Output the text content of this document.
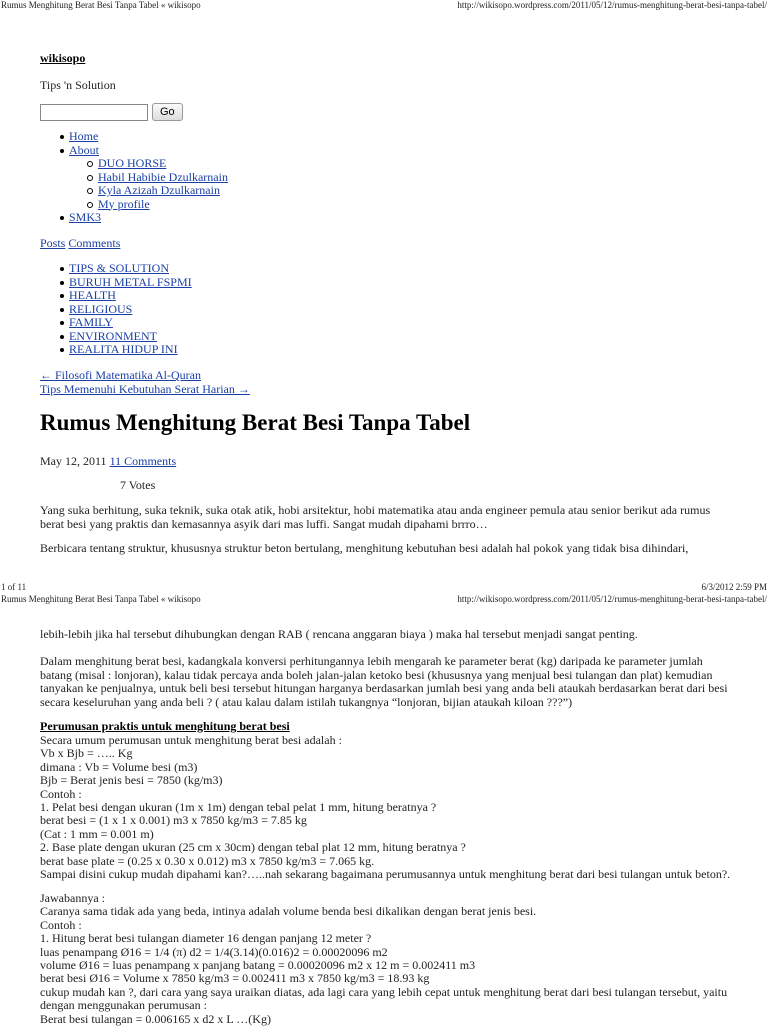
Rumus Menghitung Berat Besi Tanpa Tabel « wikisopo	http://wikisopo.wordpress.com/2011/05/12/rumus-menghitung-berat-besi-tanpa-tabel/
wikisopo
Tips 'n Solution
Go
Home
About
DUO HORSE
Habil Habibie Dzulkarnain
Kyla Azizah Dzulkarnain
My profile
SMK3
Posts Comments
TIPS & SOLUTION
BURUH METAL FSPMI
HEALTH
RELIGIOUS
FAMILY
ENVIRONMENT
REALITA HIDUP INI
← Filosofi Matematika Al-Quran
Tips Memenuhi Kebutuhan Serat Harian →
Rumus Menghitung Berat Besi Tanpa Tabel
May 12, 2011 11 Comments
7 Votes
Yang suka berhitung, suka teknik, suka otak atik, hobi arsitektur, hobi matematika atau anda engineer pemula atau senior berikut ada rumus berat besi yang praktis dan kemasannya asyik dari mas luffi. Sangat mudah dipahami brrro…
Berbicara tentang struktur, khususnya struktur beton bertulang, menghitung kebutuhan besi adalah hal pokok yang tidak bisa dihindari,
1 of 11	6/3/2012 2:59 PM
Rumus Menghitung Berat Besi Tanpa Tabel « wikisopo	http://wikisopo.wordpress.com/2011/05/12/rumus-menghitung-berat-besi-tanpa-tabel/
lebih-lebih jika hal tersebut dihubungkan dengan RAB ( rencana anggaran biaya ) maka hal tersebut menjadi sangat penting.
Dalam menghitung berat besi, kadangkala konversi perhitungannya lebih mengarah ke parameter berat (kg) daripada ke parameter jumlah batang (misal : lonjoran), kalau tidak percaya anda boleh jalan-jalan ketoko besi (khususnya yang menjual besi tulangan dan plat) kemudian tanyakan ke penjualnya, untuk beli besi tersebut hitungan harganya berdasarkan jumlah besi yang anda beli ataukah berdasarkan berat dari besi secara keseluruhan yang anda beli ? ( atau kalau dalam istilah tukangnya “lonjoran, bijian ataukah kiloan ???”)
Perumusan praktis untuk menghitung berat besi
Secara umum perumusan untuk menghitung berat besi adalah :
Vb x Bjb = ….. Kg
dimana : Vb = Volume besi (m3)
Bjb = Berat jenis besi = 7850 (kg/m3)
Contoh :
1. Pelat besi dengan ukuran (1m x 1m) dengan tebal pelat 1 mm, hitung beratnya ?
berat besi = (1 x 1 x 0.001) m3 x 7850 kg/m3 = 7.85 kg
(Cat : 1 mm = 0.001 m)
2. Base plate dengan ukuran (25 cm x 30cm) dengan tebal plat 12 mm, hitung beratnya ?
berat base plate = (0.25 x 0.30 x 0.012) m3 x 7850 kg/m3 = 7.065 kg.
Sampai disini cukup mudah dipahami kan?…..nah sekarang bagaimana perumusannya untuk menghitung berat dari besi tulangan untuk beton?.
Jawabannya :
Caranya sama tidak ada yang beda, intinya adalah volume benda besi dikalikan dengan berat jenis besi.
Contoh :
1. Hitung berat besi tulangan diameter 16 dengan panjang 12 meter ?
luas penampang Ø16 = 1/4 (π) d2 = 1/4(3.14)(0.016)2 = 0.00020096 m2
volume Ø16 = luas penampang x panjang batang = 0.00020096 m2 x 12 m = 0.002411 m3
berat besi Ø16 = Volume x 7850 kg/m3 = 0.002411 m3 x 7850 kg/m3 = 18.93 kg
cukup mudah kan ?, dari cara yang saya uraikan diatas, ada lagi cara yang lebih cepat untuk menghitung berat dari besi tulangan tersebut, yaitu
dengan menggunakan perumusan :
Berat besi tulangan = 0.006165 x d2 x L …(Kg)
